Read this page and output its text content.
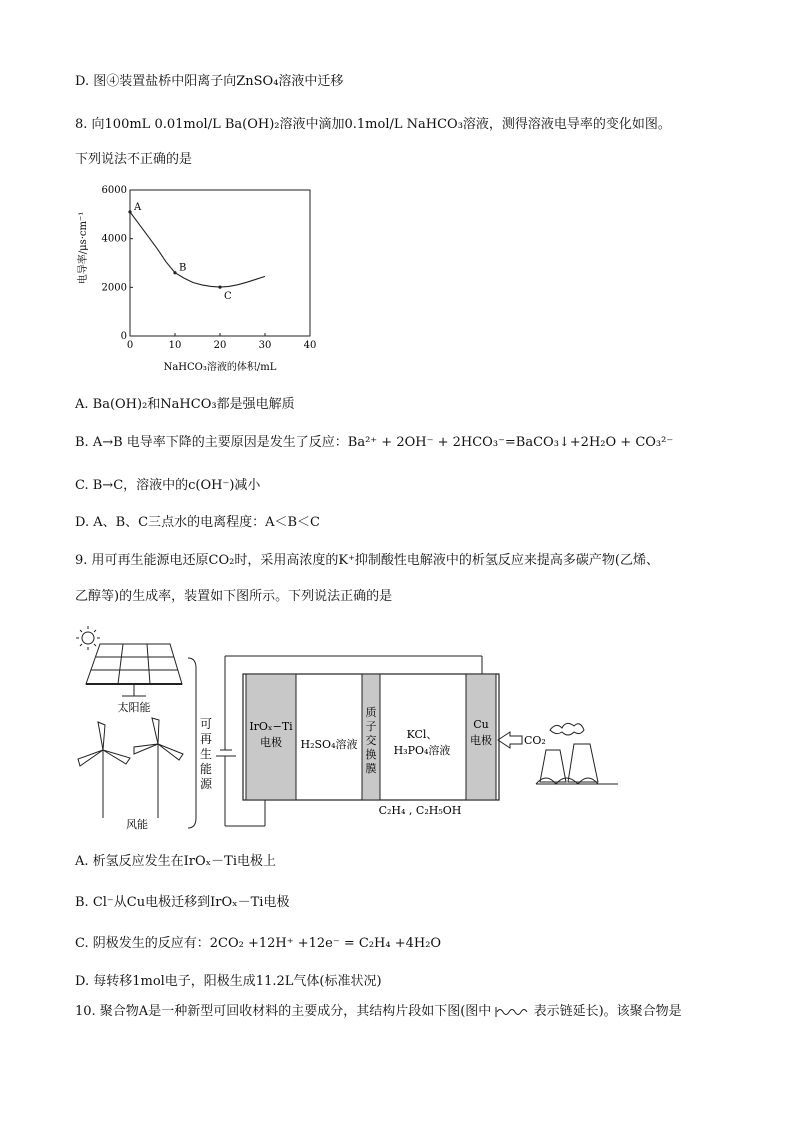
D. 图④装置盐桥中阳离子向ZnSO₄溶液中迁移
8. 向100mL 0.01mol/L Ba(OH)₂溶液中滴加0.1mol/L NaHCO₃溶液，测得溶液电导率的变化如图。
下列说法不正确的是
A
B
C
0	10	20	30	40
0
2000
4000
6000
NaHCO₃溶液的体积/mL
电导率/μs·cm⁻¹
A. Ba(OH)₂和NaHCO₃都是强电解质
B. A→B 电导率下降的主要原因是发生了反应：Ba²⁺ + 2OH⁻ + 2HCO₃⁻=BaCO₃↓+2H₂O + CO₃²⁻
C. B→C，溶液中的c(OH⁻)减小
D. A、B、C三点水的电离程度：A＜B＜C
9. 用可再生能源电还原CO₂时，采用高浓度的K⁺抑制酸性电解液中的析氢反应来提高多碳产物(乙烯、
乙醇等)的生成率，装置如下图所示。下列说法正确的是
太阳能
风能
可
再
生
能
源
IrOₓ−Ti
电极 H₂SO₄溶液
质
子
交
换
膜
KCl、
H₃PO₄溶液
Cu
电极
C₂H₄ , C₂H₅OH
CO₂
A. 析氢反应发生在IrOₓ－Ti电极上
B. Cl⁻从Cu电极迁移到IrOₓ－Ti电极
C. 阴极发生的反应有：2CO₂ +12H⁺ +12e⁻ = C₂H₄ +4H₂O
D. 每转移1mol电子，阳极生成11.2L气体(标准状况)
10. 聚合物A是一种新型可回收材料的主要成分，其结构片段如下图(图中	表示链延长)。该聚合物是
